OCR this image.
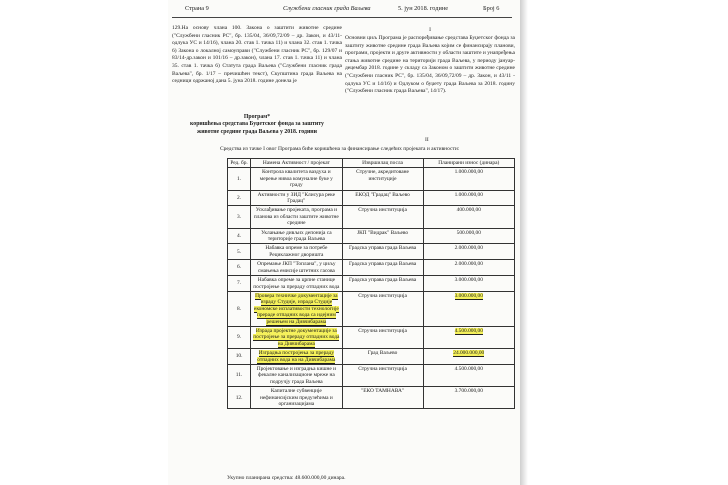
Страна 9	Службени гласник града Ваљева	5. јун 2018. године	Број 6

129.На основу члана 100. Закона о заштити животне средине ("Службени гласник РС", бр. 135/04, 36/09,72/09 – др. Закон, и 43/11-одлука УС и 14/16), члана 20. став 1. тачка 11) и члана 32. став 1. тачка 6) Закона о локалној самоуправи ("Службени гласник РС", бр. 129/07 и 83/14-др.закон и 101/16 – др.закон), члана 17. став 1. тачка 11) и члана 35. став 1. тачка 6) Статута града Ваљева ("Службени гласник града Ваљева", бр. 1/17 – пречишћен текст), Скупштина града Ваљева на седници одржаној дана 5. јуна 2018. године донела је

I

Основни циљ Програма је распоређивање средстава Буџетског фонда за заштиту животне средине града Ваљева којим се финансирају планови, програми, пројекти и друге активности у области заштите и унапређења стања животне средине на територији града Ваљева, у периоду јануар-децембар 2018. године у складу са Законом о заштити животне средине ("Службени гласник РС", бр. 135/04, 36/09,72/09 – др. Закон, и 43/11 - одлука УС и 14/16) и Одлуком о буџету града Ваљева за 2018. годину ("Службени гласник града Ваљева", 14/17).

Програм*
коришћења средстава Буџетског фонда за заштиту
животне средине града Ваљева у 2018. години
II
Средства из тачке I овог Програма биће коришћена за финансирање следећих пројеката и активности:
Ред. бр.	Намена Активност / пројекат	Извршилац посла	Планирани износ (динара)
1.	Контрола квалитета ваздуха и мерење нивоа комуналне буке у граду	Стручне, акредитоване институције	1.000.000,00
2.	Активности у ЗИД "Клисура реке Градац"	ЕКОД "Градац" Ваљево	1.000.000,00
3.	Усклађивање пројеката, програма и планова из области заштите животне средине	Стручна институција	400.000,00
4.	Уклањање дивљих депонија са територије града Ваљева	ЈКП "Видрак" Ваљево	500.000,00
5.	Набавка опреме за потребе Рециклажног дворишта	Градска управа града Ваљева	2.000.000,00
6.	Опремање ЈКП "Топлана", у циљу смањења емисије штетних гасова	Градска управа града Ваљева	2.000.000,00
7.	Набавка опреме за црпне станице постројење за прераду отпадних вода	Градска управа града Ваљева	3.000.000,00
8.	Провера техничке документације за израду Студије, израда Студије економске исплативости технологије прераде отпадних вода са идејним решењем на Дивчибарама	Стручна институција	3.000.000,00
9.	Израда пројектне документације за постројење за прераду отпадних вода на Дивчибарама	Стручна институција	4.500.000,00
10.	Изградња постројења за прераду отпадних вода на на Дивчибарама	Град Ваљево	24.000.000,00
11.	Пројектовање и изградња кишне и фекалне канализационе мреже на подручју града Ваљева	Стручна институција	4.500.000,00
12.	Капиталне субвенције нефинансијским предузећима и организацијама	"ЕКО ТАМНАВА"	3.700.000,00
Укупно планирана средства: 48.600.000,00 динара.
